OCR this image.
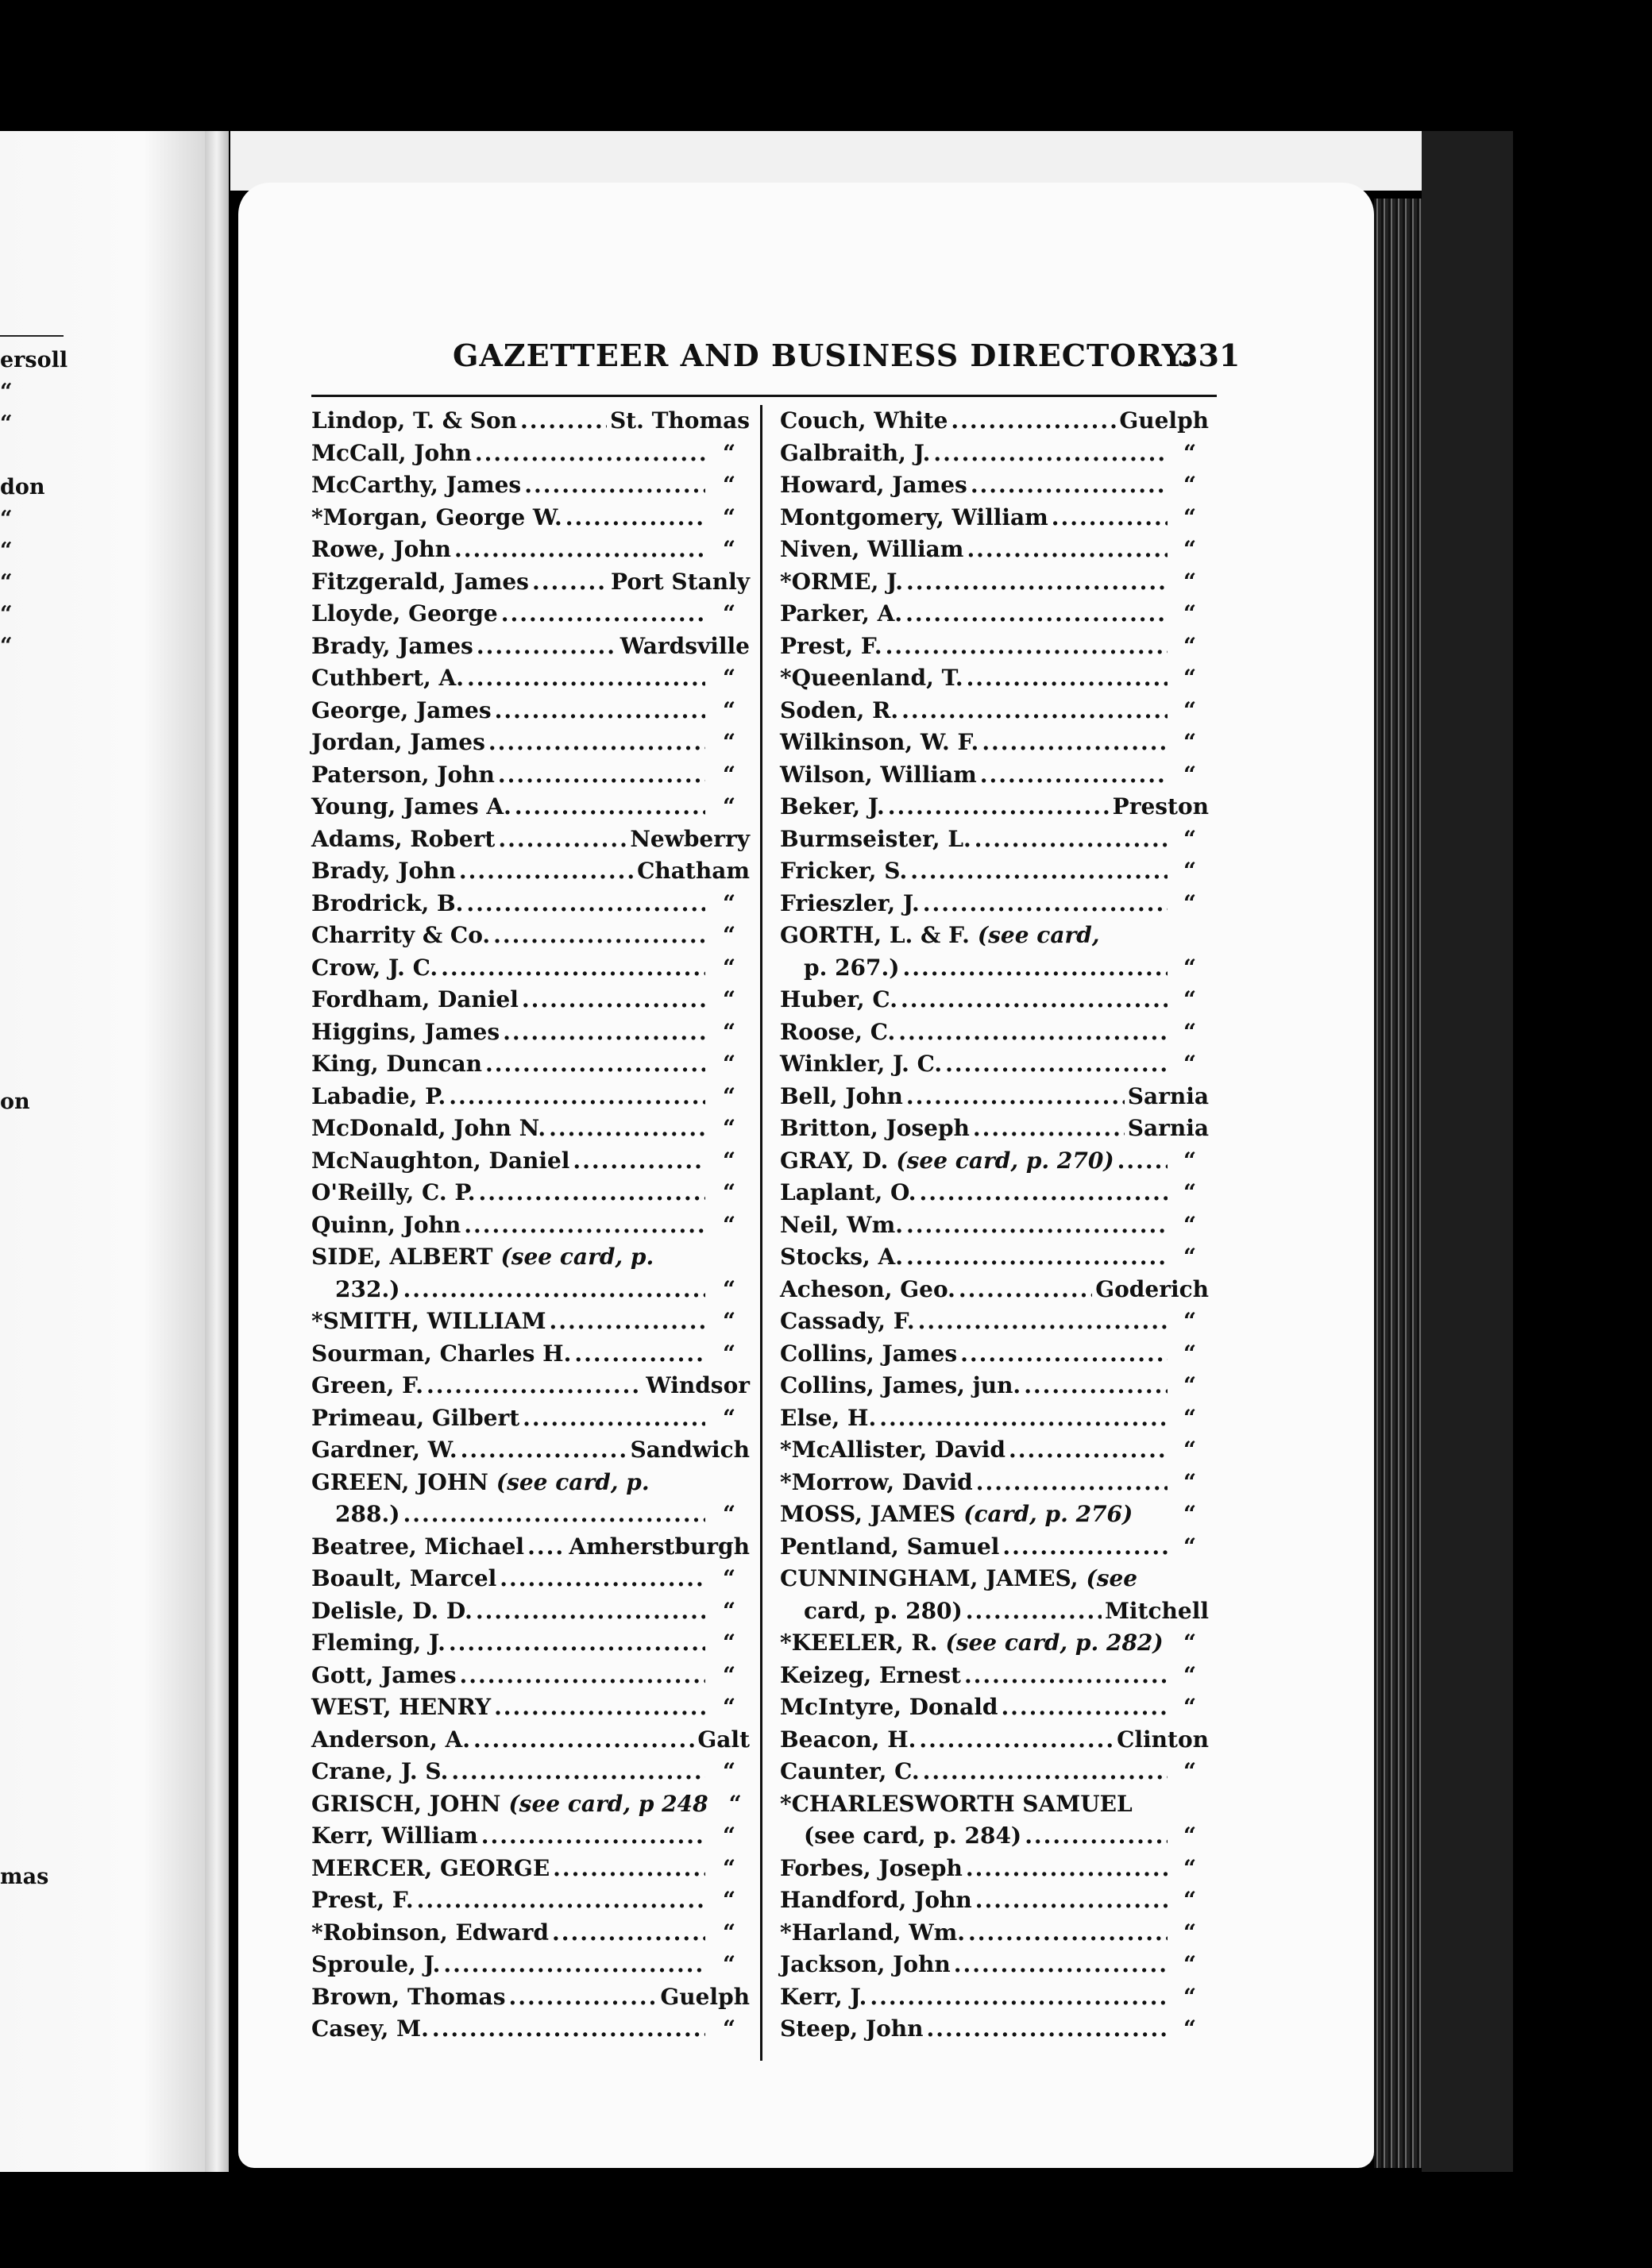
ersoll
“
“
don
“
“
“
“
“
on
mas
GAZETTEER AND BUSINESS DIRECTORY.
331
Lindop, T. & Son .....	St. Thomas
McCall, John .....	“
McCarthy, James .....	“
*Morgan, George W. .....	“
Rowe, John .....	“
Fitzgerald, James .....	Port Stanly
Lloyde, George .....	“
Brady, James .....	Wardsville
Cuthbert, A. .....	“
George, James .....	“
Jordan, James .....	“
Paterson, John .....	“
Young, James A. .....	“
Adams, Robert .....	Newberry
Brady, John .....	Chatham
Brodrick, B. .....	“
Charrity & Co. .....	“
Crow, J. C. .....	“
Fordham, Daniel .....	“
Higgins, James .....	“
King, Duncan .....	“
Labadie, P. .....	“
McDonald, John N. .....	“
McNaughton, Daniel .....	“
O'Reilly, C. P. .....	“
Quinn, John .....	“
SIDE, ALBERT (see card, p.
232.) .....	“
*SMITH, WILLIAM .....	“
Sourman, Charles H. .....	“
Green, F. .....	Windsor
Primeau, Gilbert .....	“
Gardner, W. .....	Sandwich
GREEN, JOHN (see card, p.
288.) .....	“
Beatree, Michael ..... Amherstburgh
Boault, Marcel .....	“
Delisle, D. D. .....	“
Fleming, J. .....	“
Gott, James .....	“
WEST, HENRY .....	“
Anderson, A. .....	Galt
Crane, J. S. .....	“
GRISCH, JOHN (see card, p 248 “
Kerr, William .....	“
MERCER, GEORGE .....	“
Prest, F. .....	“
*Robinson, Edward .....	“
Sproule, J. .....	“
Brown, Thomas .....	Guelph
Casey, M. .....	“
Couch, White .....	Guelph
Galbraith, J. .....	“
Howard, James .....	“
Montgomery, William .....	“
Niven, William .....	“
*ORME, J. .....	“
Parker, A. .....	“
Prest, F. .....	“
*Queenland, T. .....	“
Soden, R. .....	“
Wilkinson, W. F. .....	“
Wilson, William .....	“
Beker, J. .....	Preston
Burmseister, L. .....	“
Fricker, S. .....	“
Frieszler, J. .....	“
GORTH, L. & F. (see card,
p. 267.) .....	“
Huber, C. .....	“
Roose, C. .....	“
Winkler, J. C. .....	“
Bell, John .....	Sarnia
Britton, Joseph .....	Sarnia
GRAY, D. (see card, p. 270) .....	“
Laplant, O. .....	“
Neil, Wm. .....	“
Stocks, A. .....	“
Acheson, Geo. .....	Goderich
Cassady, F. .....	“
Collins, James .....	“
Collins, James, jun. .....	“
Else, H. .....	“
*McAllister, David .....	“
*Morrow, David .....	“
MOSS, JAMES (card, p. 276)	“
Pentland, Samuel .....	“
CUNNINGHAM, JAMES, (see
card, p. 280) .....	Mitchell
*KEELER, R. (see card, p. 282) “
Keizeg, Ernest .....	“
McIntyre, Donald .....	“
Beacon, H. .....	Clinton
Caunter, C. .....	“
*CHARLESWORTH SAMUEL
(see card, p. 284) .....	“
Forbes, Joseph .....	“
Handford, John .....	“
*Harland, Wm. .....	“
Jackson, John .....	“
Kerr, J. .....	“
Steep, John .....	“
